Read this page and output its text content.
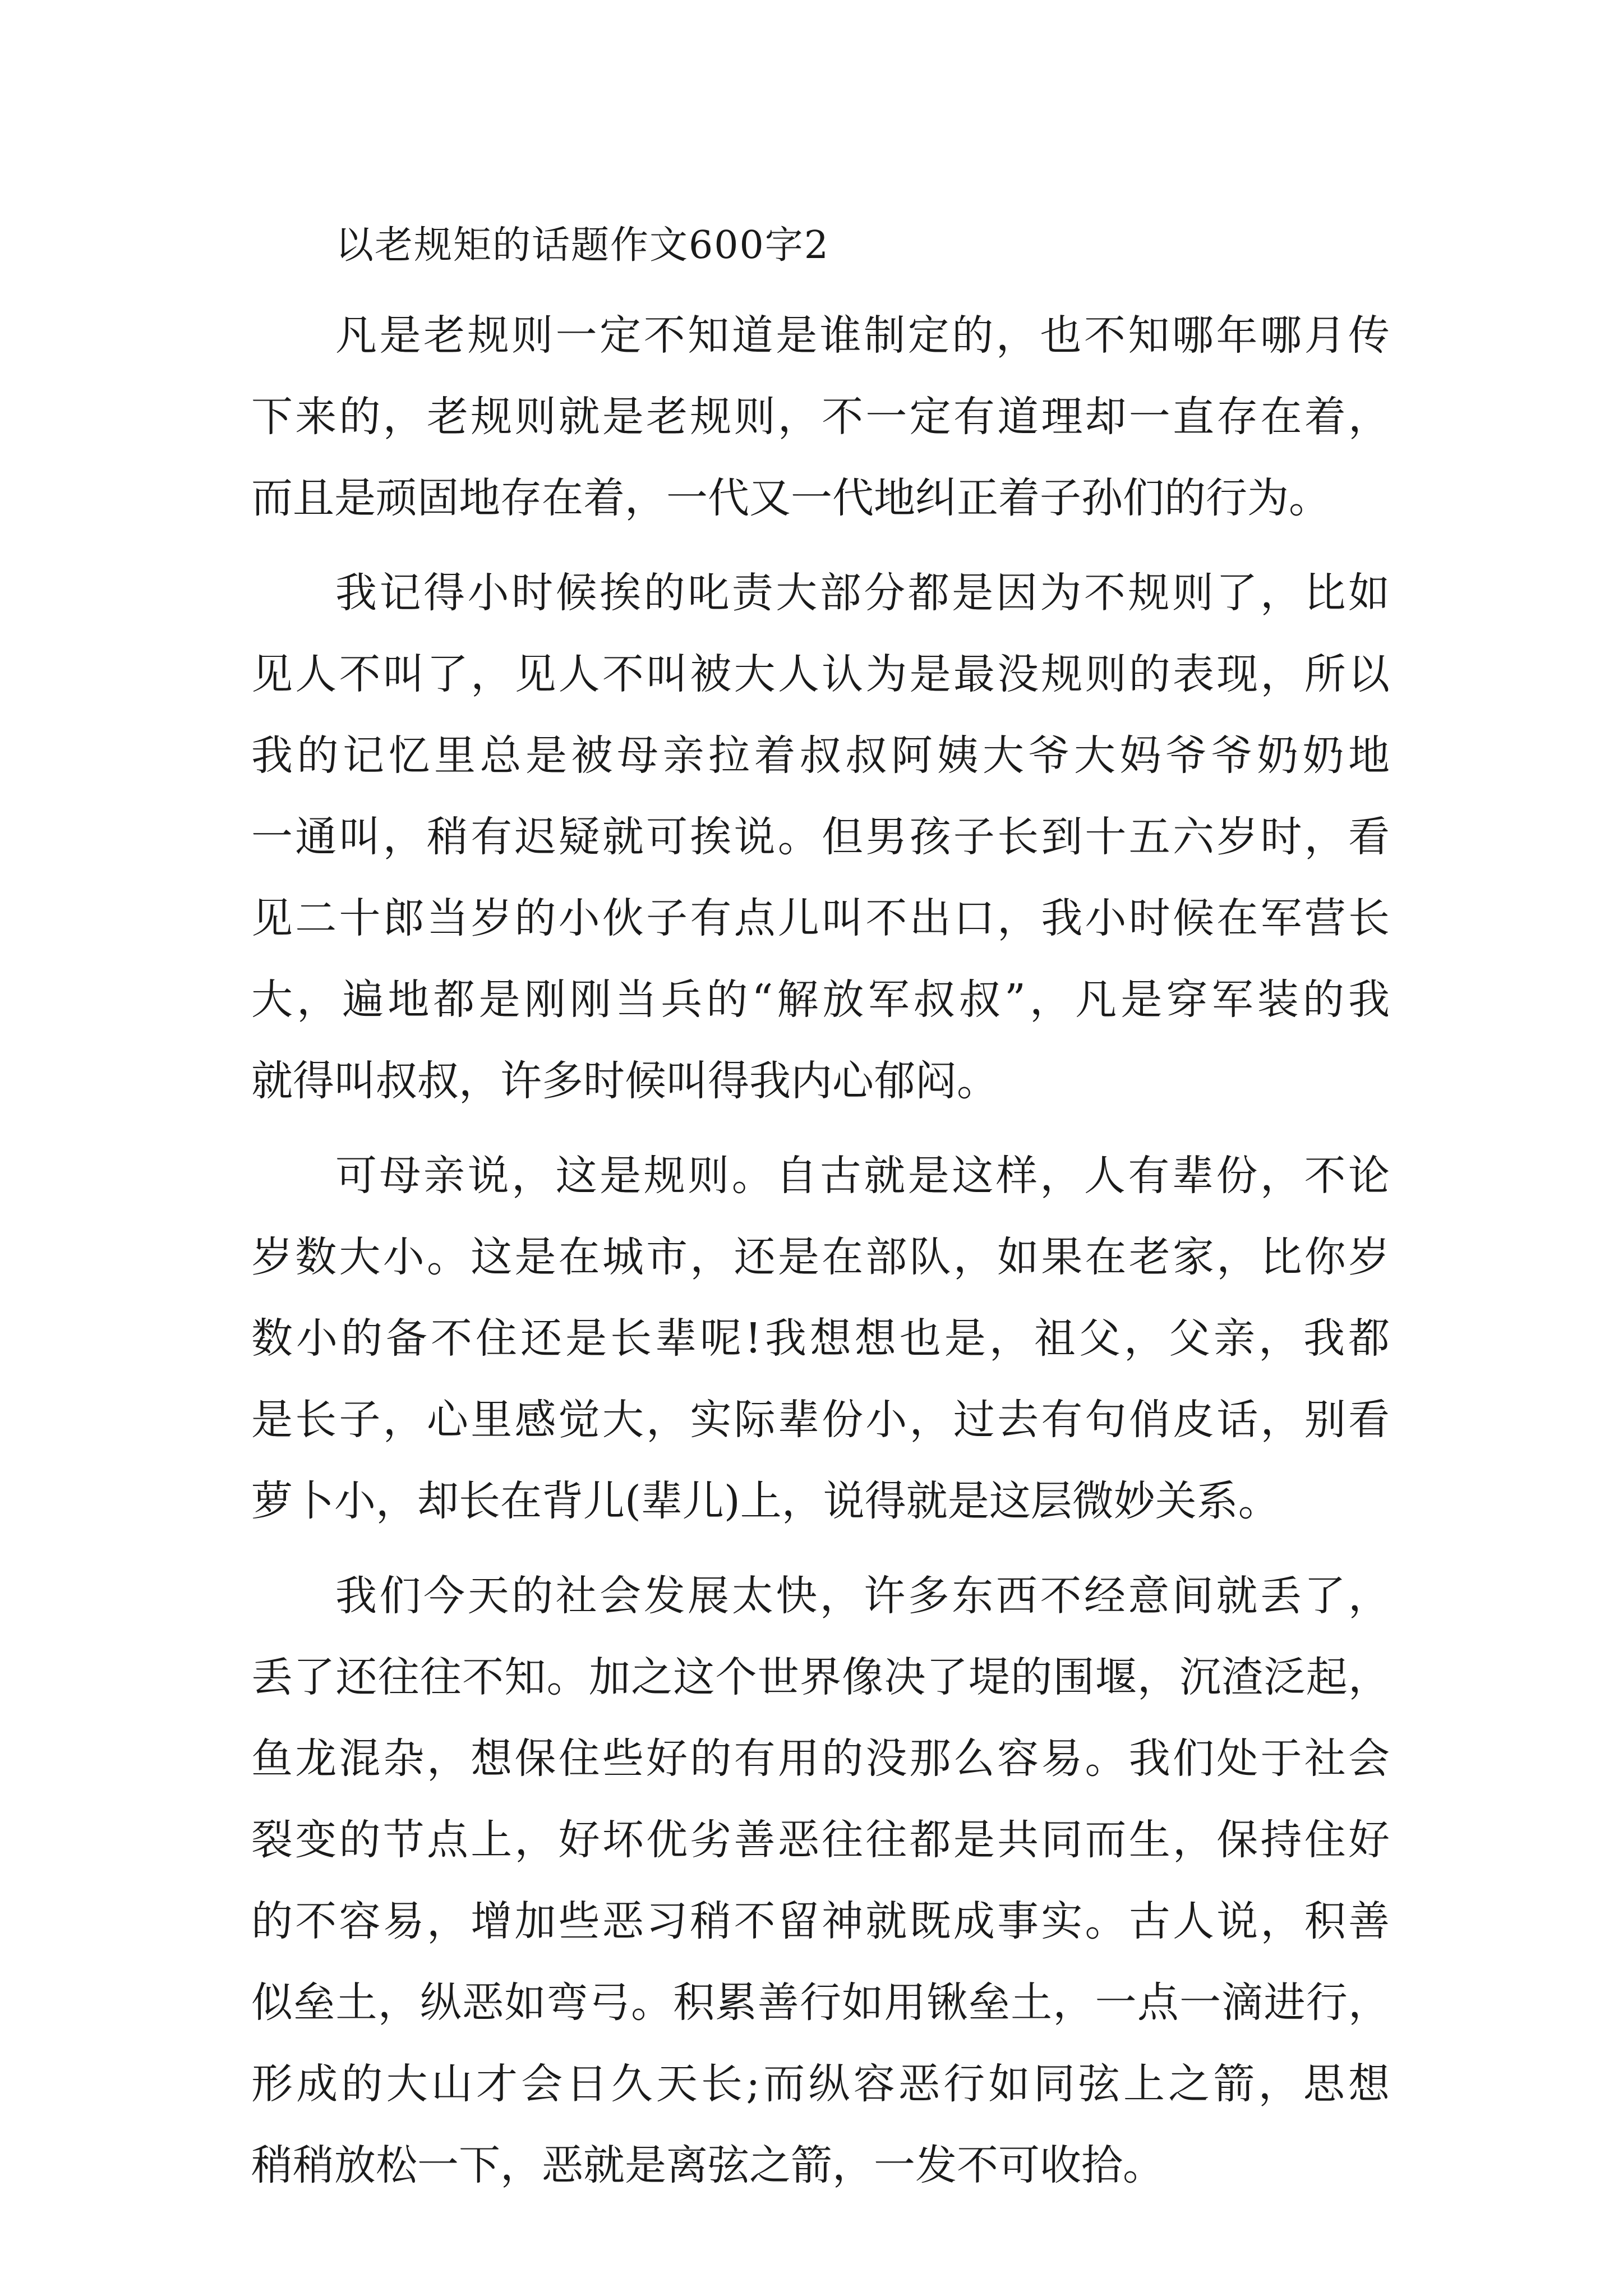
以老规矩的话题作文600字2
凡是老规则一定不知道是谁制定的，也不知哪年哪月传
下来的，老规则就是老规则，不一定有道理却一直存在着，
而且是顽固地存在着，一代又一代地纠正着子孙们的行为。
我记得小时候挨的叱责大部分都是因为不规则了，比如
见人不叫了，见人不叫被大人认为是最没规则的表现，所以
我的记忆里总是被母亲拉着叔叔阿姨大爷大妈爷爷奶奶地
一通叫，稍有迟疑就可挨说。但男孩子长到十五六岁时，看
见二十郎当岁的小伙子有点儿叫不出口，我小时候在军营长
大，遍地都是刚刚当兵的“解放军叔叔”，凡是穿军装的我
就得叫叔叔，许多时候叫得我内心郁闷。
可母亲说，这是规则。自古就是这样，人有辈份，不论
岁数大小。这是在城市，还是在部队，如果在老家，比你岁
数小的备不住还是长辈呢!我想想也是，祖父，父亲，我都
是长子，心里感觉大，实际辈份小，过去有句俏皮话，别看
萝卜小，却长在背儿(辈儿)上，说得就是这层微妙关系。
我们今天的社会发展太快，许多东西不经意间就丢了，
丢了还往往不知。加之这个世界像决了堤的围堰，沉渣泛起，
鱼龙混杂，想保住些好的有用的没那么容易。我们处于社会
裂变的节点上，好坏优劣善恶往往都是共同而生，保持住好
的不容易，增加些恶习稍不留神就既成事实。古人说，积善
似垒土，纵恶如弯弓。积累善行如用锹垒土，一点一滴进行，
形成的大山才会日久天长;而纵容恶行如同弦上之箭，思想
稍稍放松一下，恶就是离弦之箭，一发不可收拾。
